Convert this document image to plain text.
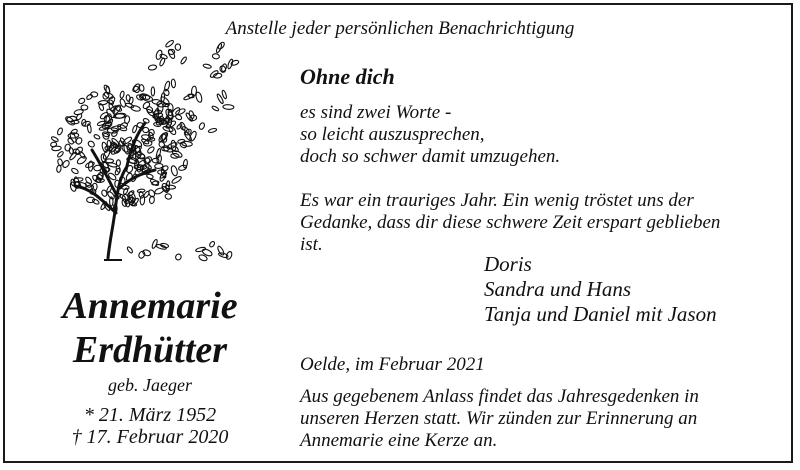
Anstelle jeder persönlichen Benachrichtigung
Annemarie
Erdhütter
geb. Jaeger
* 21. März 1952
† 17. Februar 2020
Ohne dich
es sind zwei Worte -
so leicht auszusprechen,
doch so schwer damit umzugehen.
Es war ein trauriges Jahr. Ein wenig tröstet uns der
Gedanke, dass dir diese schwere Zeit erspart geblieben
ist.
Doris
Sandra und Hans
Tanja und Daniel mit Jason
Oelde, im Februar 2021
Aus gegebenem Anlass findet das Jahresgedenken in
unseren Herzen statt. Wir zünden zur Erinnerung an
Annemarie eine Kerze an.
